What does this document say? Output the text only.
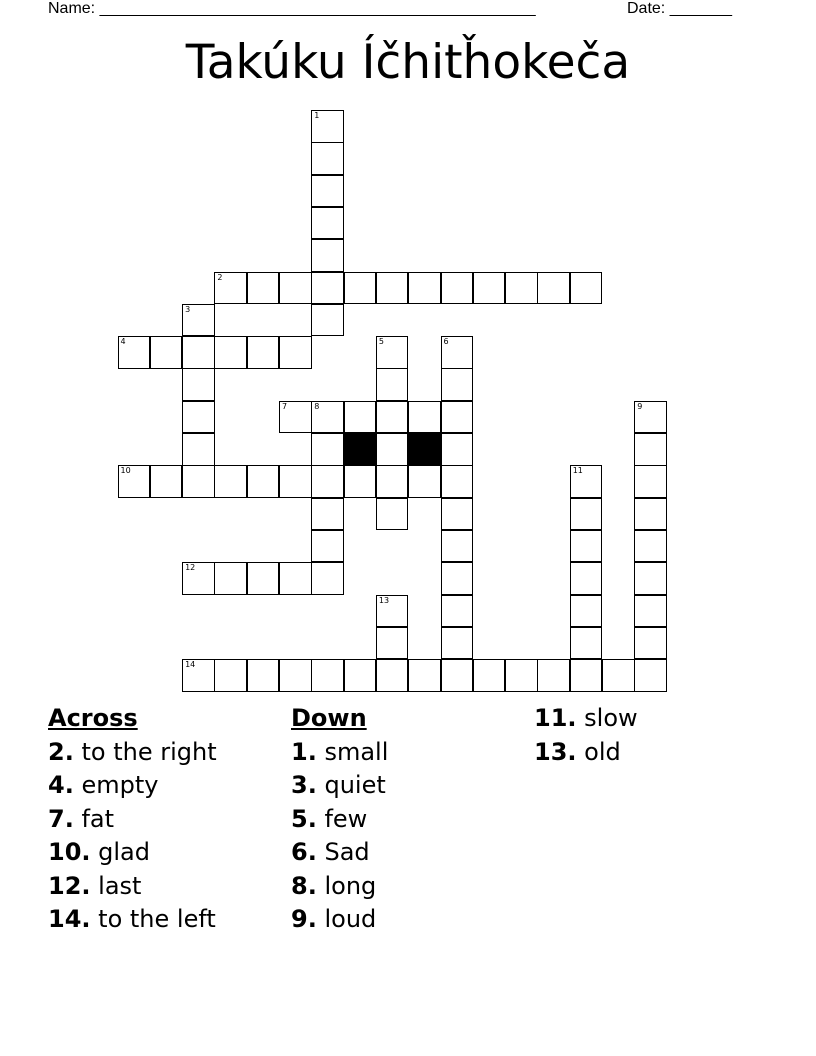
Name: _________________________________________________	Date: _______
Takúku Íčhitȟokeča
1
2
3
4	5	6
7	8	9
10	11
12
13
14
Across
2. to the right
4. empty
7. fat
10. glad
12. last
14. to the left
Down
1. small
3. quiet
5. few
6. Sad
8. long
9. loud
11. slow
13. old
